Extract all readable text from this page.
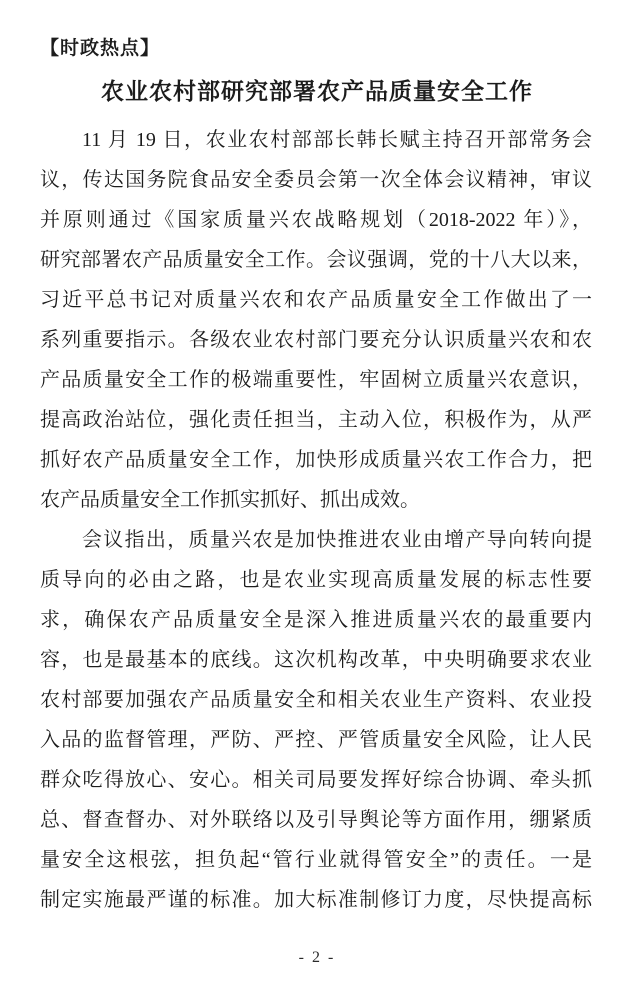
【时政热点】
农业农村部研究部署农产品质量安全工作
11 月 19 日，农业农村部部长韩长赋主持召开部常务会
议，传达国务院食品安全委员会第一次全体会议精神，审议
并原则通过《国家质量兴农战略规划（2018-2022 年）》，
研究部署农产品质量安全工作。会议强调，党的十八大以来，
习近平总书记对质量兴农和农产品质量安全工作做出了一
系列重要指示。各级农业农村部门要充分认识质量兴农和农
产品质量安全工作的极端重要性，牢固树立质量兴农意识，
提高政治站位，强化责任担当，主动入位，积极作为，从严
抓好农产品质量安全工作，加快形成质量兴农工作合力，把
农产品质量安全工作抓实抓好、抓出成效。
会议指出，质量兴农是加快推进农业由增产导向转向提
质导向的必由之路，也是农业实现高质量发展的标志性要
求，确保农产品质量安全是深入推进质量兴农的最重要内
容，也是最基本的底线。这次机构改革，中央明确要求农业
农村部要加强农产品质量安全和相关农业生产资料、农业投
入品的监督管理，严防、严控、严管质量安全风险，让人民
群众吃得放心、安心。相关司局要发挥好综合协调、牵头抓
总、督查督办、对外联络以及引导舆论等方面作用，绷紧质
量安全这根弦，担负起“管行业就得管安全”的责任。一是
制定实施最严谨的标准。加大标准制修订力度，尽快提高标
- 2 -
